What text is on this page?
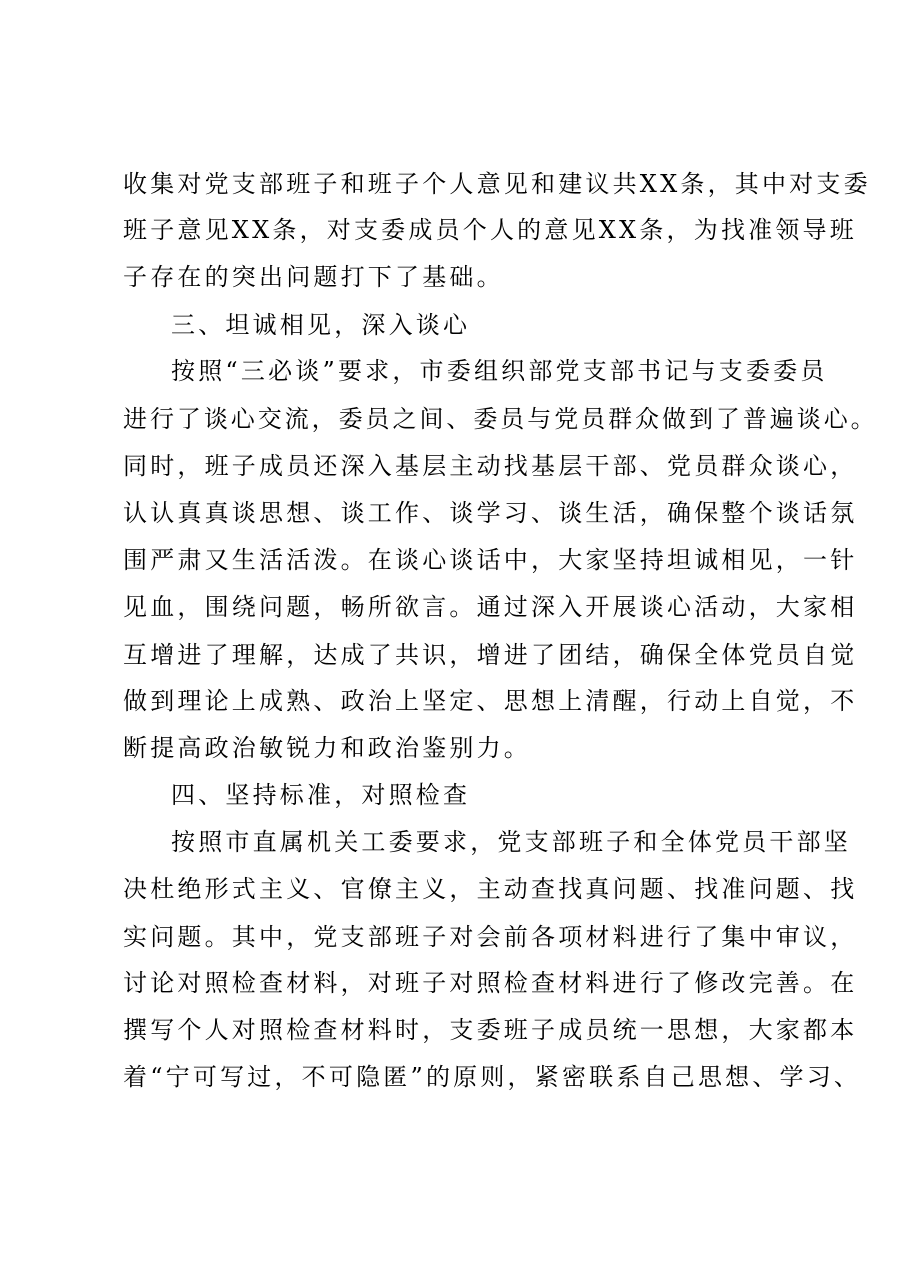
收集对党支部班子和班子个人意见和建议共XX条，其中对支委
班子意见XX条，对支委成员个人的意见XX条，为找准领导班
子存在的突出问题打下了基础。
三、坦诚相见，深入谈心
按照“三必谈”要求，市委组织部党支部书记与支委委员
进行了谈心交流，委员之间、委员与党员群众做到了普遍谈心。
同时，班子成员还深入基层主动找基层干部、党员群众谈心，
认认真真谈思想、谈工作、谈学习、谈生活，确保整个谈话氛
围严肃又生活活泼。在谈心谈话中，大家坚持坦诚相见，一针
见血，围绕问题，畅所欲言。通过深入开展谈心活动，大家相
互增进了理解，达成了共识，增进了团结，确保全体党员自觉
做到理论上成熟、政治上坚定、思想上清醒，行动上自觉，不
断提高政治敏锐力和政治鉴别力。
四、坚持标准，对照检查
按照市直属机关工委要求，党支部班子和全体党员干部坚
决杜绝形式主义、官僚主义，主动查找真问题、找准问题、找
实问题。其中，党支部班子对会前各项材料进行了集中审议，
讨论对照检查材料，对班子对照检查材料进行了修改完善。在
撰写个人对照检查材料时，支委班子成员统一思想，大家都本
着“宁可写过，不可隐匿”的原则，紧密联系自己思想、学习、
